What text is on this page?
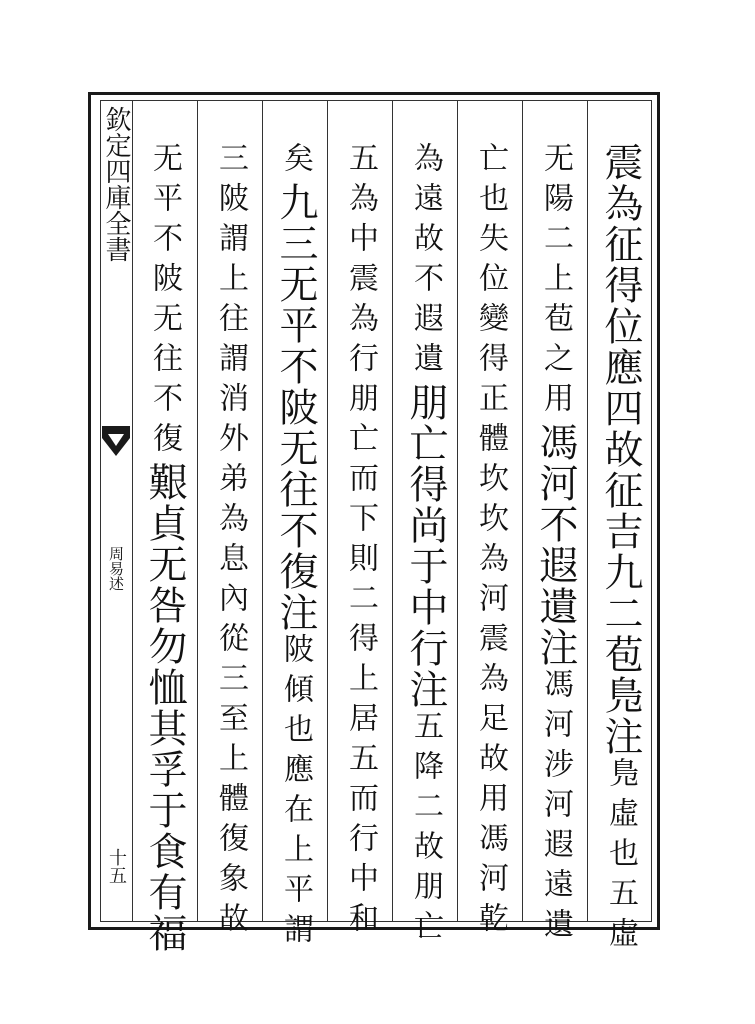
欽定四庫全書
周易述
十五
震為征得位應四故征吉九二苞𠒎注𠒎虛也五虛
无陽二上苞之用馮河不遐遺注馮河涉河遐遠遺
亡也失位變得正體坎坎為河震為足故用馮河乾
為遠故不遐遺朋亡得尚于中行注五降二故朋亡
五為中震為行朋亡而下則二得上居五而行中和
矣九三无平不陂无往不復注陂傾也應在上平謂
三陂謂上往謂消外弟為息內從三至上體復象故
无平不陂无往不復艱貞无咎勿恤其孚于食有福
